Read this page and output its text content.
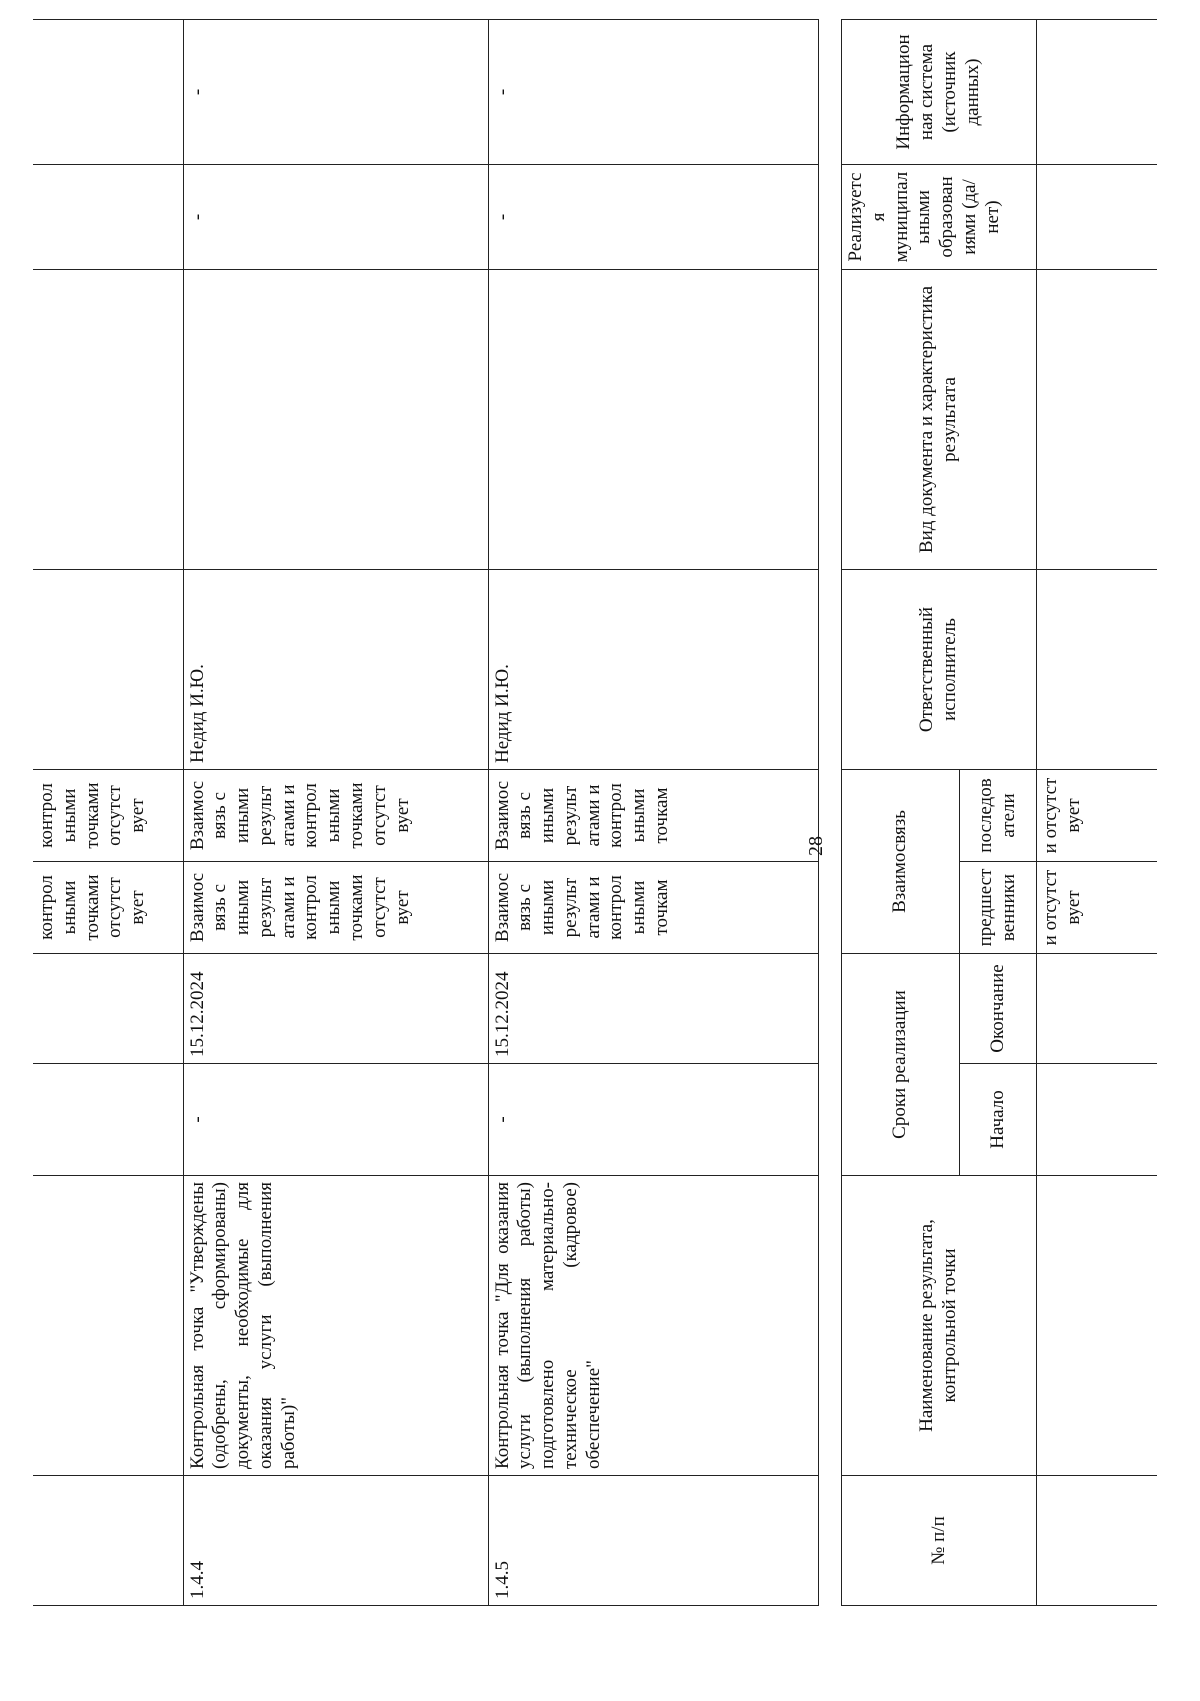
				контрол ьными точками отсутст вует	контрол ьными точками отсутст вует				
1.4.4	Контрольная точка "Утверждены (одобрены, сформированы) документы, необходимые для оказания услуги (выполнения работы)"	-	15.12.2024	Взаимос вязь с иными результ атами и контрол ьными точками отсутст вует	Взаимос вязь с иными результ атами и контрол ьными точками отсутст вует	Недид И.Ю.		-	-
1.4.5	Контрольная точка "Для оказания услуги (выполнения работы) подготовлено материально-техническое (кадровое) обеспечение"	-	15.12.2024	Взаимос вязь с иными результ атами и контрол ьными точкам	Взаимос вязь с иными результ атами и контрол ьными точкам	Недид И.Ю.		-	-
28
№ п/п	Наименование результата, контрольной точки	Сроки реализации		Взаимосвязь		Ответственный исполнитель	Вид документа и характеристика результата	Реализуетс я муниципал ьными образован иями (да/нет)	Информацион ная система (источник данных)
		Начало	Окончание	предшест венники	последов атели				
				и отсутст вует	и отсутст вует				
